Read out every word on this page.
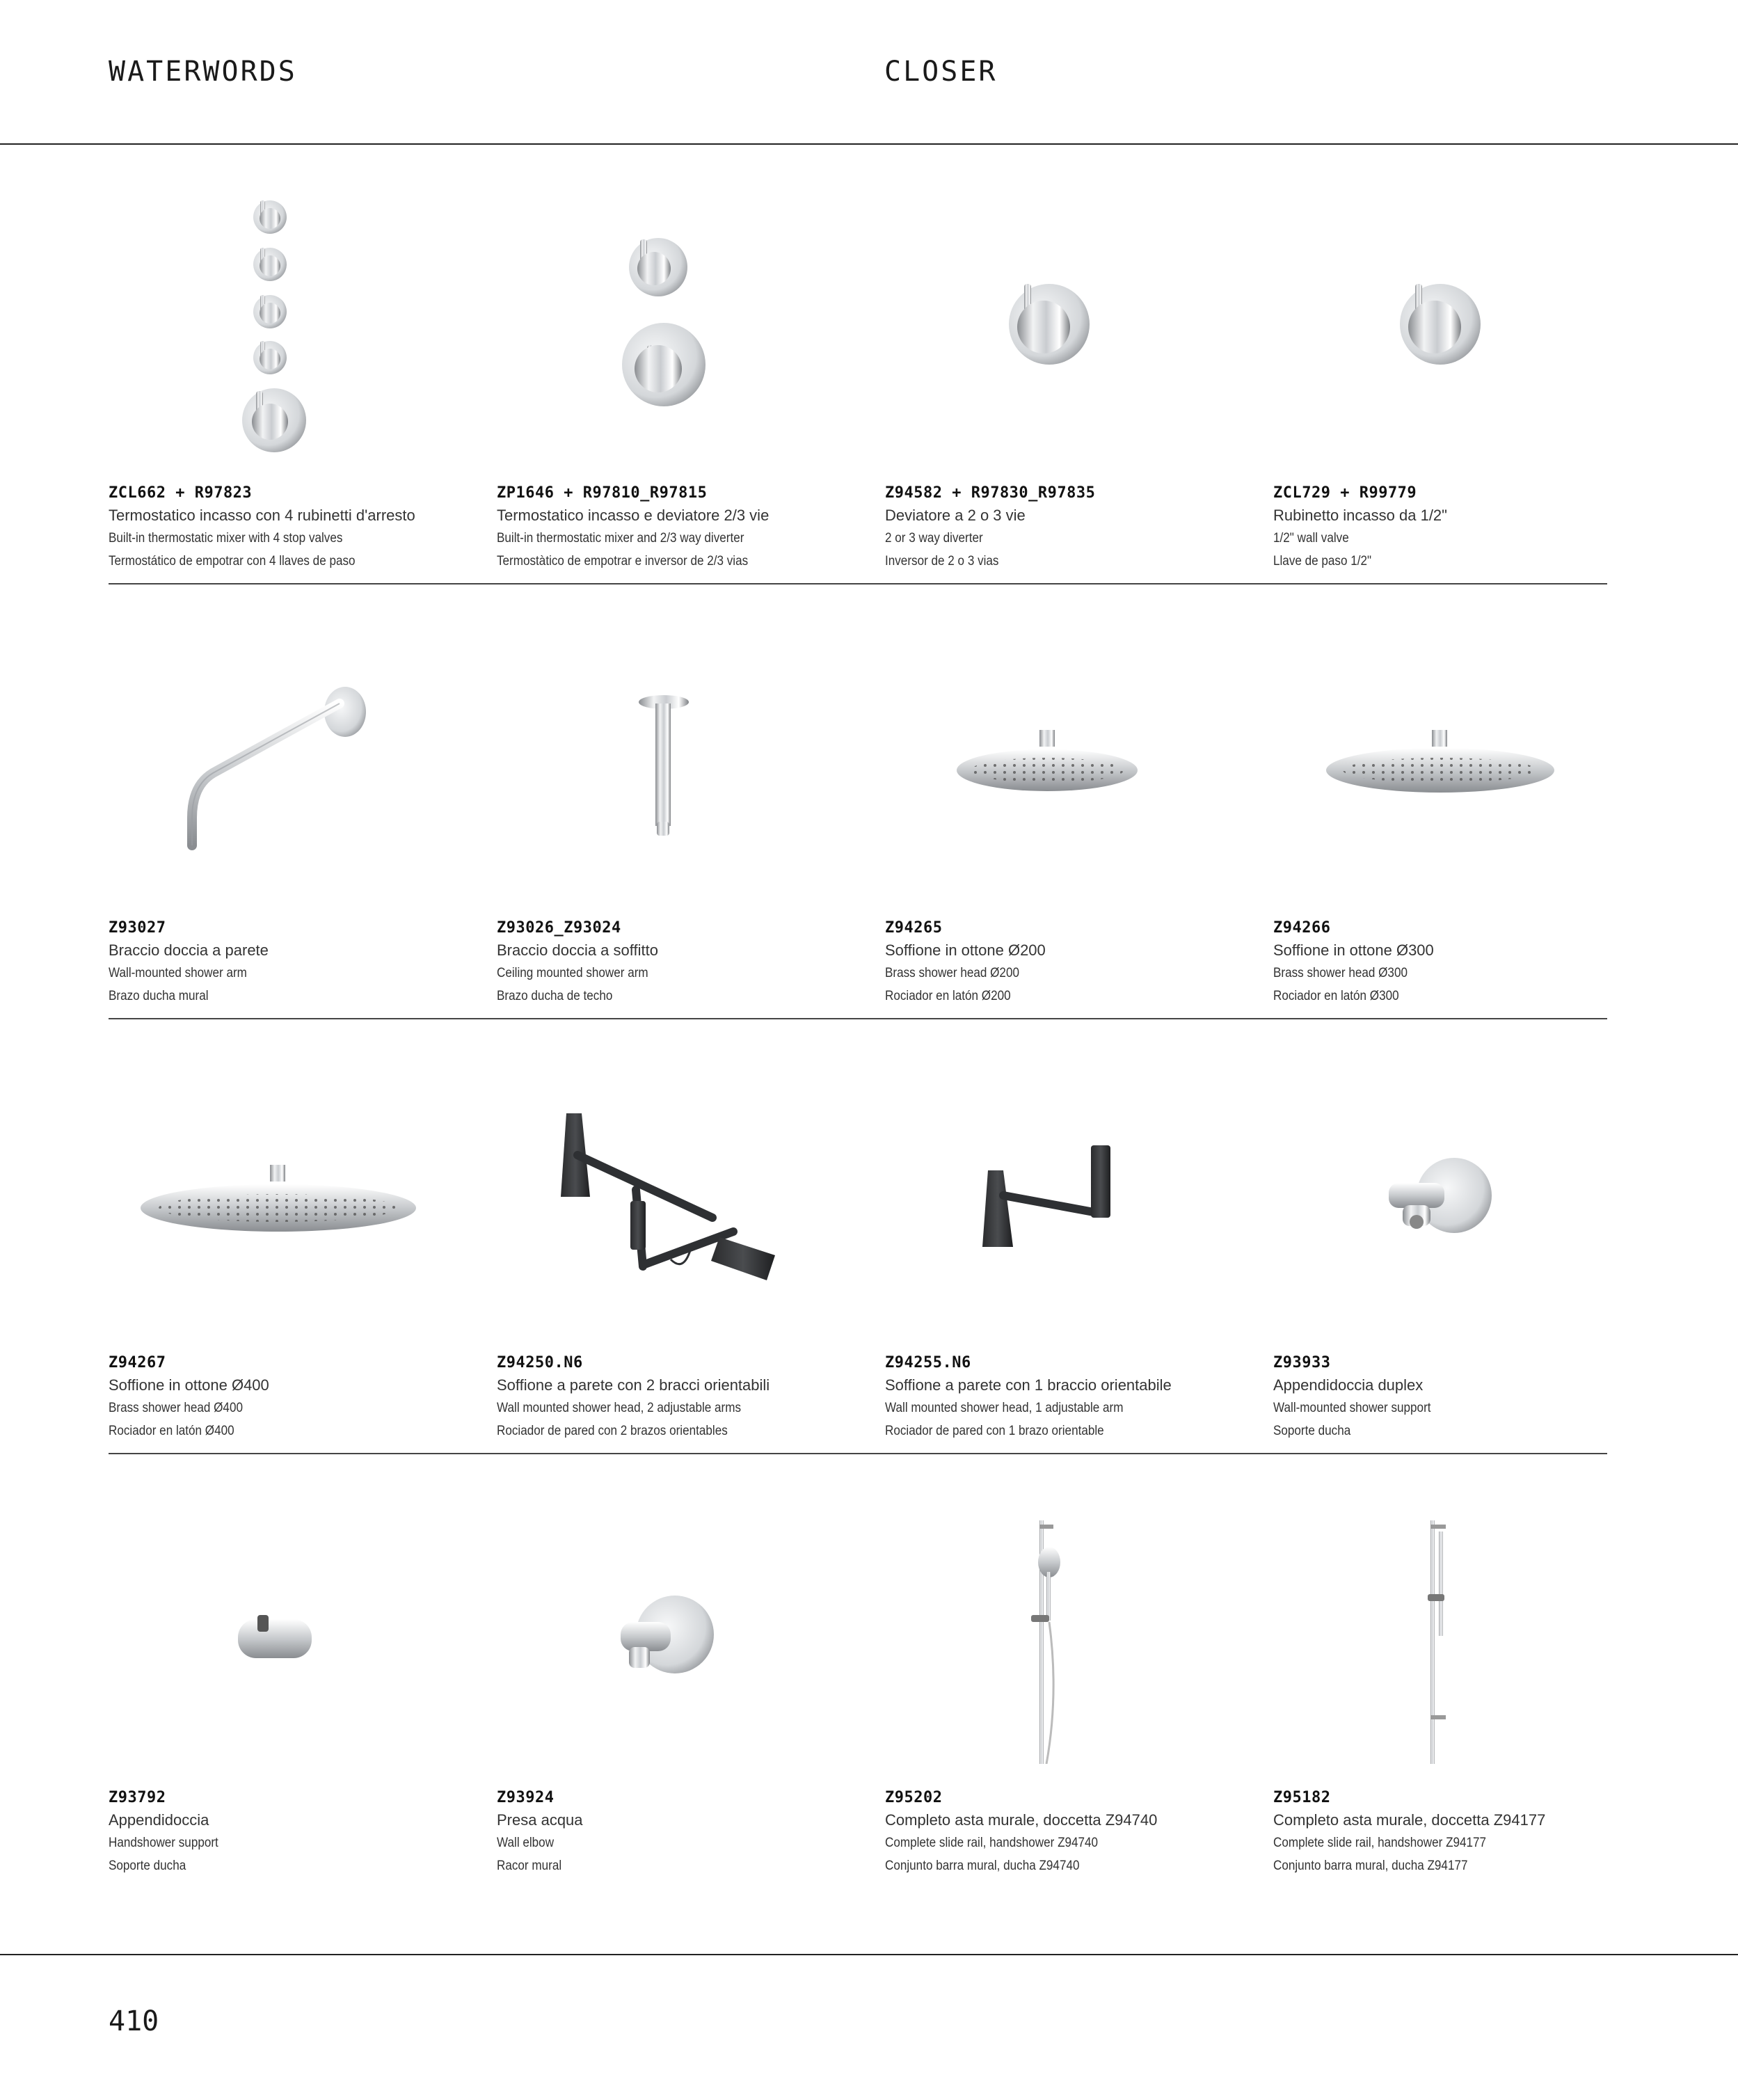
WATERWORDS	CLOSER
ZCL662 + R97823
Termostatico incasso con 4 rubinetti d'arresto
Built-in thermostatic mixer with 4 stop valves
Termostático de empotrar con 4 llaves de paso
ZP1646 + R97810_R97815
Termostatico incasso e deviatore 2/3 vie
Built-in thermostatic mixer and 2/3 way diverter
Termostàtico de empotrar e inversor de 2/3 vias
Z94582 + R97830_R97835
Deviatore a 2 o 3 vie
2 or 3 way diverter
Inversor de 2 o 3 vias
ZCL729 + R99779
Rubinetto incasso da 1/2"
1/2" wall valve
Llave de paso 1/2"
Z93027
Braccio doccia a parete
Wall-mounted shower arm
Brazo ducha mural
Z93026_Z93024
Braccio doccia a soffitto
Ceiling mounted shower arm
Brazo ducha de techo
Z94265
Soffione in ottone Ø200
Brass shower head Ø200
Rociador en latón Ø200
Z94266
Soffione in ottone Ø300
Brass shower head Ø300
Rociador en latón Ø300
Z94267
Soffione in ottone Ø400
Brass shower head Ø400
Rociador en latón Ø400
Z94250.N6
Soffione a parete con 2 bracci orientabili
Wall mounted shower head, 2 adjustable arms
Rociador de pared con 2 brazos orientables
Z94255.N6
Soffione a parete con 1 braccio orientabile
Wall mounted shower head, 1 adjustable arm
Rociador de pared con 1 brazo orientable
Z93933
Appendidoccia duplex
Wall-mounted shower support
Soporte ducha
Z93792
Appendidoccia
Handshower support
Soporte ducha
Z93924
Presa acqua
Wall elbow
Racor mural
Z95202
Completo asta murale, doccetta Z94740
Complete slide rail, handshower Z94740
Conjunto barra mural, ducha Z94740
Z95182
Completo asta murale, doccetta Z94177
Complete slide rail, handshower Z94177
Conjunto barra mural, ducha Z94177
410
